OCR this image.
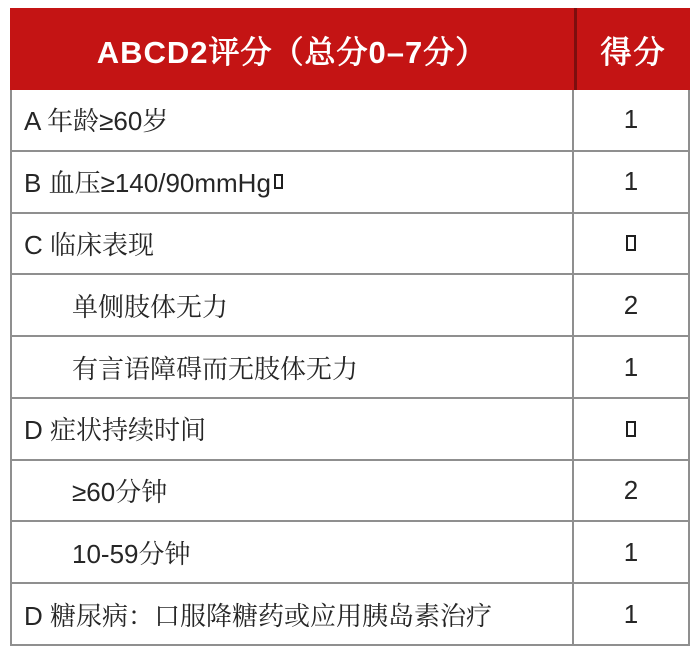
ABCD2评分（总分0–7分）	得分
A 年龄≥60岁	1
B 血压≥140/90mmHg	1
C 临床表现
单侧肢体无力	2
有言语障碍而无肢体无力	1
D 症状持续时间
≥60分钟	2
10-59分钟	1
D 糖尿病：口服降糖药或应用胰岛素治疗	1
